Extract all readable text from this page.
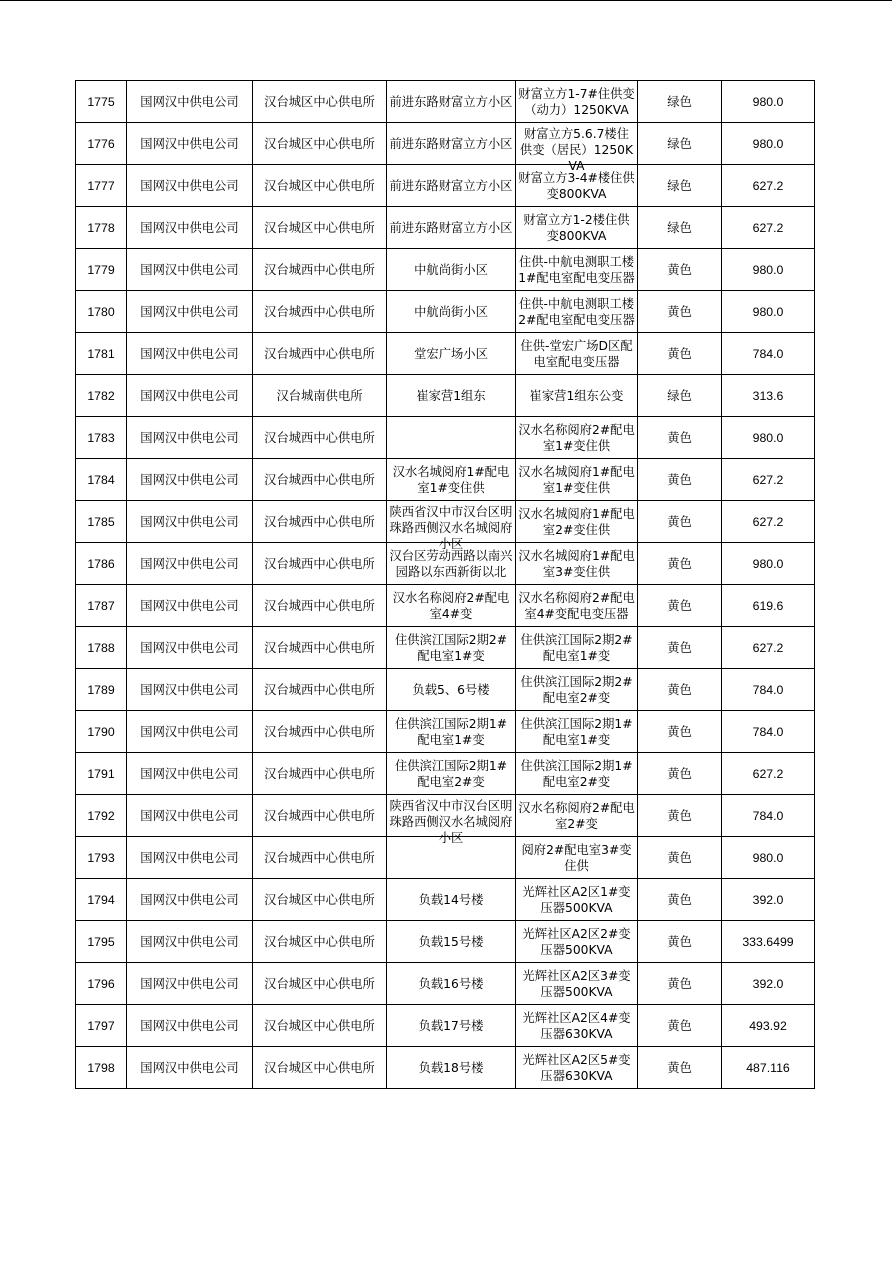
1775	国网汉中供电公司	汉台城区中心供电所	前进东路财富立方小区	财富立方1-7#住供变（动力）1250KVA	绿色	980.0

1776	国网汉中供电公司	汉台城区中心供电所	前进东路财富立方小区	财富立方5.6.7楼住供变（居民）1250KVA	绿色	980.0

1777	国网汉中供电公司	汉台城区中心供电所	前进东路财富立方小区	财富立方3-4#楼住供变800KVA	绿色	627.2

1778	国网汉中供电公司	汉台城区中心供电所	前进东路财富立方小区	财富立方1-2楼住供变800KVA	绿色	627.2

1779	国网汉中供电公司	汉台城西中心供电所	中航尚街小区	住供-中航电测职工楼1#配电室配电变压器	黄色	980.0

1780	国网汉中供电公司	汉台城西中心供电所	中航尚街小区	住供-中航电测职工楼2#配电室配电变压器	黄色	980.0

1781	国网汉中供电公司	汉台城西中心供电所	堂宏广场小区	住供-堂宏广场D区配电室配电变压器	黄色	784.0

1782	国网汉中供电公司	汉台城南供电所	崔家营1组东	崔家营1组东公变	绿色	313.6

1783	国网汉中供电公司	汉台城西中心供电所		汉水名称阅府2#配电室1#变住供	黄色	980.0

1784	国网汉中供电公司	汉台城西中心供电所	汉水名城阅府1#配电室1#变住供	汉水名城阅府1#配电室1#变住供	黄色	627.2

1785	国网汉中供电公司	汉台城西中心供电所	陕西省汉中市汉台区明珠路西侧汉水名城阅府小区	汉水名城阅府1#配电室2#变住供	黄色	627.2

1786	国网汉中供电公司	汉台城西中心供电所	汉台区劳动西路以南兴园路以东西新街以北	汉水名城阅府1#配电室3#变住供	黄色	980.0

1787	国网汉中供电公司	汉台城西中心供电所	汉水名称阅府2#配电室4#变	汉水名称阅府2#配电室4#变配电变压器	黄色	619.6

1788	国网汉中供电公司	汉台城西中心供电所	住供滨江国际2期2#配电室1#变	住供滨江国际2期2#配电室1#变	黄色	627.2

1789	国网汉中供电公司	汉台城西中心供电所	负载5、6号楼	住供滨江国际2期2#配电室2#变	黄色	784.0

1790	国网汉中供电公司	汉台城西中心供电所	住供滨江国际2期1#配电室1#变	住供滨江国际2期1#配电室1#变	黄色	784.0

1791	国网汉中供电公司	汉台城西中心供电所	住供滨江国际2期1#配电室2#变	住供滨江国际2期1#配电室2#变	黄色	627.2

1792	国网汉中供电公司	汉台城西中心供电所	陕西省汉中市汉台区明珠路西侧汉水名城阅府小区	汉水名称阅府2#配电室2#变	黄色	784.0

1793	国网汉中供电公司	汉台城西中心供电所		阅府2#配电室3#变住供	黄色	980.0

1794	国网汉中供电公司	汉台城区中心供电所	负载14号楼	光辉社区A2区1#变压器500KVA	黄色	392.0

1795	国网汉中供电公司	汉台城区中心供电所	负载15号楼	光辉社区A2区2#变压器500KVA	黄色	333.6499

1796	国网汉中供电公司	汉台城区中心供电所	负载16号楼	光辉社区A2区3#变压器500KVA	黄色	392.0

1797	国网汉中供电公司	汉台城区中心供电所	负载17号楼	光辉社区A2区4#变压器630KVA	黄色	493.92

1798	国网汉中供电公司	汉台城区中心供电所	负载18号楼	光辉社区A2区5#变压器630KVA	黄色	487.116
